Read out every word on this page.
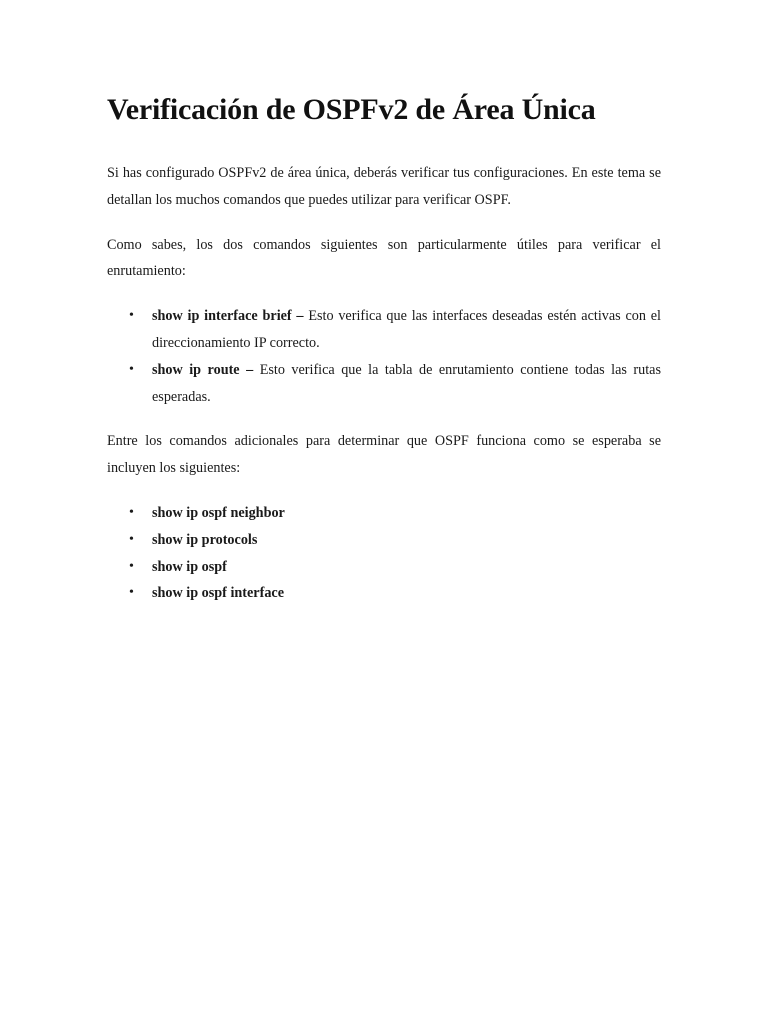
Verificación de OSPFv2 de Área Única

Si has configurado OSPFv2 de área única, deberás verificar tus configuraciones. En este tema se detallan los muchos comandos que puedes utilizar para verificar OSPF.

Como sabes, los dos comandos siguientes son particularmente útiles para verificar el enrutamiento:

• show ip interface brief – Esto verifica que las interfaces deseadas estén activas con el direccionamiento IP correcto.
• show ip route – Esto verifica que la tabla de enrutamiento contiene todas las rutas esperadas.

Entre los comandos adicionales para determinar que OSPF funciona como se esperaba se incluyen los siguientes:

• show ip ospf neighbor
• show ip protocols
• show ip ospf
• show ip ospf interface
